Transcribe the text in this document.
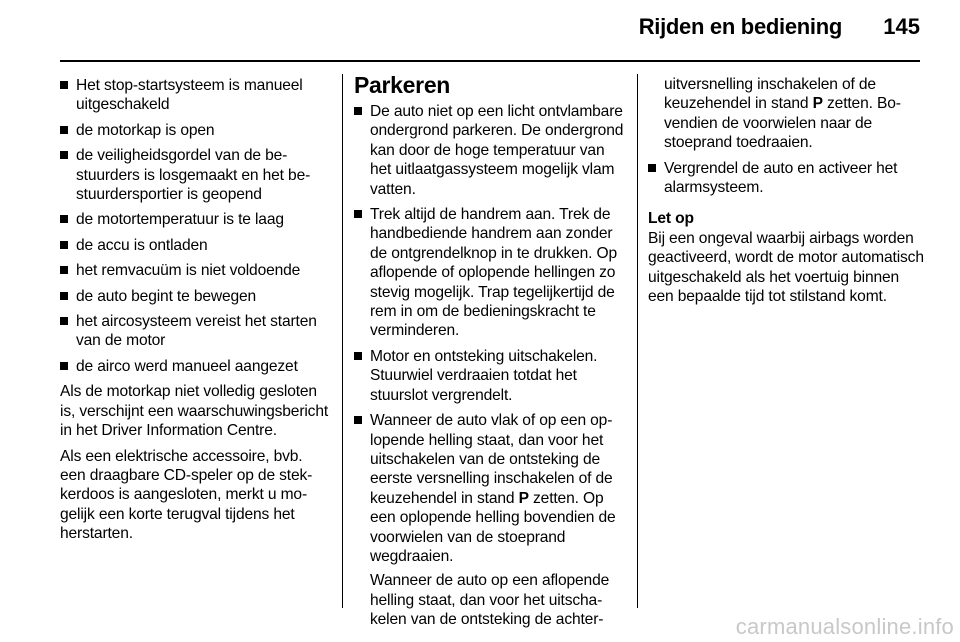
Rijden en bediening 145
Het stop-startsysteem is manueel uitgeschakeld
de motorkap is open
de veiligheidsgordel van de bestuurders is losgemaakt en het bestuurdersportier is geopend
de motortemperatuur is te laag
de accu is ontladen
het remvacuüm is niet voldoende
de auto begint te bewegen
het aircosysteem vereist het starten van de motor
de airco werd manueel aangezet

Als de motorkap niet volledig gesloten is, verschijnt een waarschuwingsbericht in het Driver Information Centre.

Als een elektrische accessoire, bvb. een draagbare CD-speler op de stekkerdoos is aangesloten, merkt u mogelijk een korte terugval tijdens het herstarten.

Parkeren
De auto niet op een licht ontvlambare ondergrond parkeren. De ondergrond kan door de hoge temperatuur van het uitlaatgassysteem mogelijk vlam vatten.
Trek altijd de handrem aan. Trek de handbediende handrem aan zonder de ontgrendelknop in te drukken. Op aflopende of oplopende hellingen zo stevig mogelijk. Trap tegelijkertijd de rem in om de bedieningskracht te verminderen.
Motor en ontsteking uitschakelen. Stuurwiel verdraaien totdat het stuurslot vergrendelt.
Wanneer de auto vlak of op een oplopende helling staat, dan voor het uitschakelen van de ontsteking de eerste versnelling inschakelen of de keuzehendel in stand P zetten. Op een oplopende helling bovendien de voorwielen van de stoeprand wegdraaien.

Wanneer de auto op een aflopende helling staat, dan voor het uitschakelen van de ontsteking de achter-

uitversnelling inschakelen of de keuzehendel in stand P zetten. Bovendien de voorwielen naar de stoeprand toedraaien.

Vergrendel de auto en activeer het alarmsysteem.
Let op

Bij een ongeval waarbij airbags worden geactiveerd, wordt de motor automatisch uitgeschakeld als het voertuig binnen een bepaalde tijd tot stilstand komt.

carmanualsonline.info
